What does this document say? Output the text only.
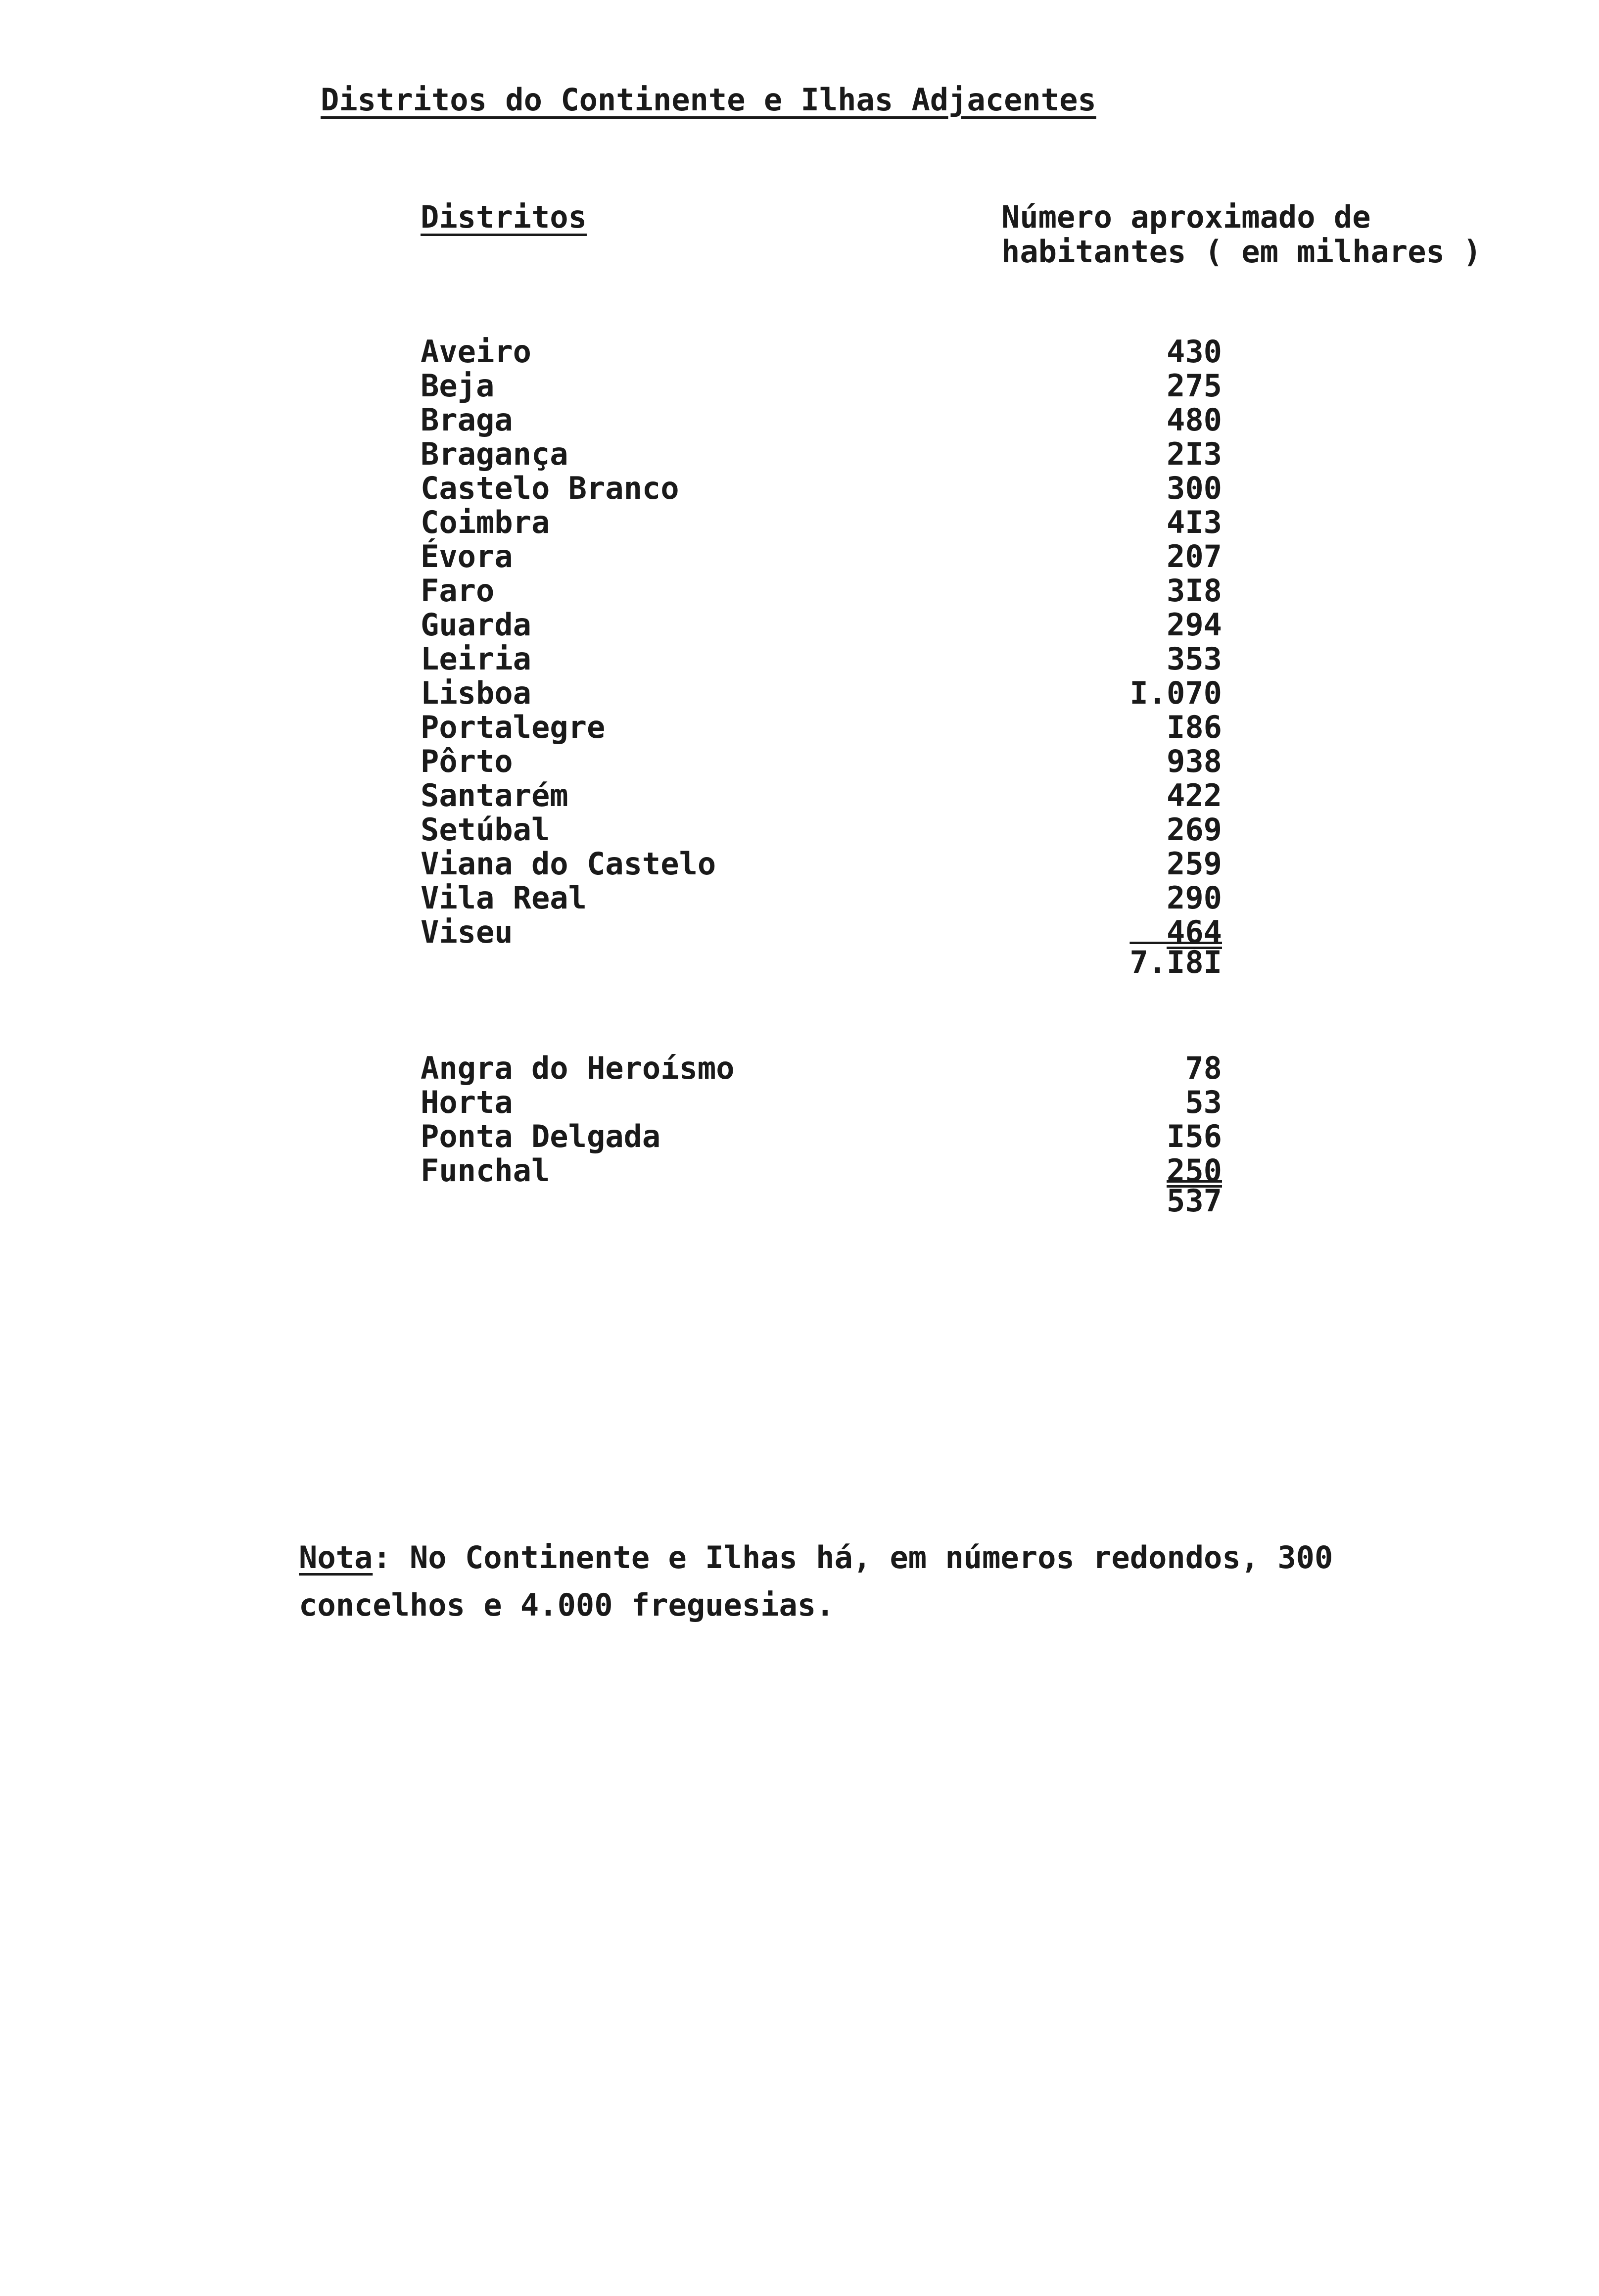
Distritos do Continente e Ilhas Adjacentes
Distritos	Número aproximado de
habitantes ( em milhares )
Aveiro	430
Beja	275
Braga	480
Bragança	2I3
Castelo Branco	300
Coimbra	4I3
Évora	207
Faro	3I8
Guarda	294
Leiria	353
Lisboa	I.070
Portalegre	I86
Pôrto	938
Santarém	422
Setúbal	269
Viana do Castelo	259
Vila Real	290
Viseu	464
7.I8I
Angra do Heroísmo	78
Horta	53
Ponta Delgada	I56
Funchal	250
537
Nota: No Continente e Ilhas há, em números redondos, 300
concelhos e 4.000 freguesias.
